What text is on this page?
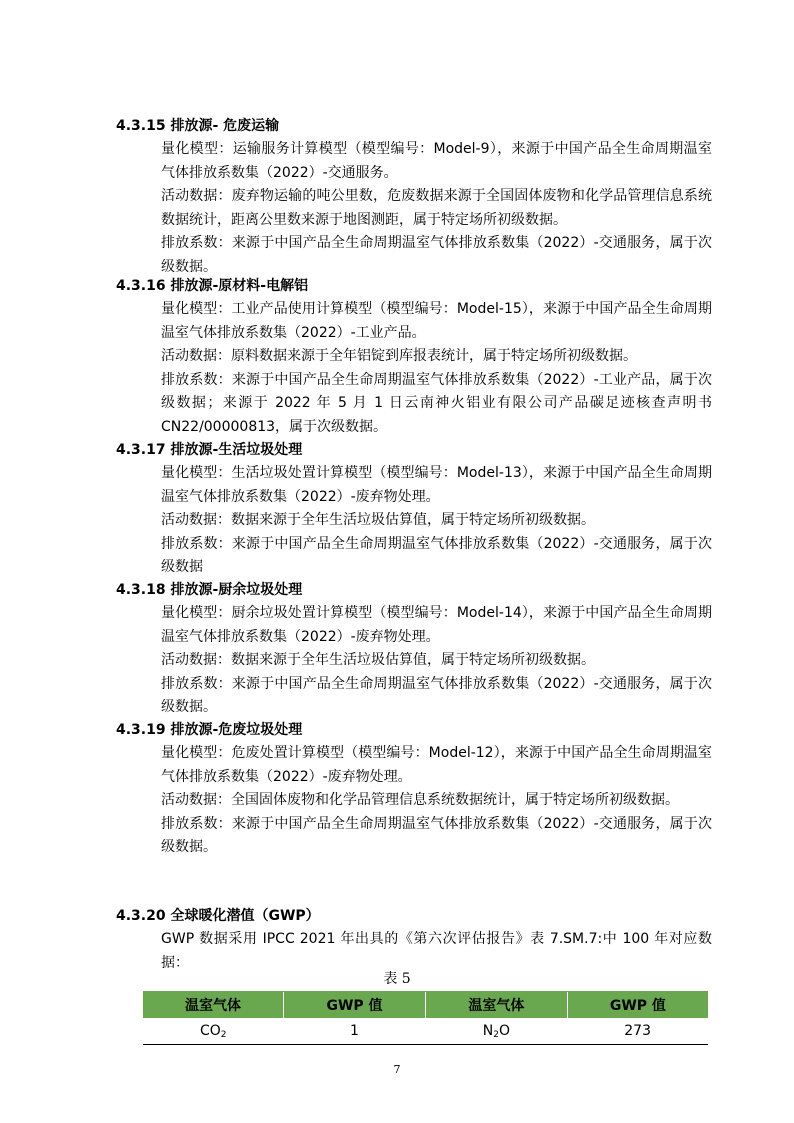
4.3.15 排放源- 危废运输
量化模型：运输服务计算模型（模型编号：Model-9），来源于中国产品全生命周期温室气体排放系数集（2022）-交通服务。
活动数据：废弃物运输的吨公里数，危废数据来源于全国固体废物和化学品管理信息系统数据统计，距离公里数来源于地图测距，属于特定场所初级数据。
排放系数：来源于中国产品全生命周期温室气体排放系数集（2022）-交通服务，属于次级数据。
4.3.16 排放源-原材料-电解铝
量化模型：工业产品使用计算模型（模型编号：Model-15），来源于中国产品全生命周期温室气体排放系数集（2022）-工业产品。
活动数据：原料数据来源于全年铝锭到库报表统计，属于特定场所初级数据。
排放系数：来源于中国产品全生命周期温室气体排放系数集（2022）-工业产品，属于次级数据；来源于 2022 年 5 月 1 日云南神火铝业有限公司产品碳足迹核查声明书 CN22/00000813，属于次级数据。
4.3.17 排放源-生活垃圾处理
量化模型：生活垃圾处置计算模型（模型编号：Model-13），来源于中国产品全生命周期温室气体排放系数集（2022）-废弃物处理。
活动数据：数据来源于全年生活垃圾估算值，属于特定场所初级数据。
排放系数：来源于中国产品全生命周期温室气体排放系数集（2022）-交通服务，属于次级数据
4.3.18 排放源-厨余垃圾处理
量化模型：厨余垃圾处置计算模型（模型编号：Model-14），来源于中国产品全生命周期温室气体排放系数集（2022）-废弃物处理。
活动数据：数据来源于全年生活垃圾估算值，属于特定场所初级数据。
排放系数：来源于中国产品全生命周期温室气体排放系数集（2022）-交通服务，属于次级数据。
4.3.19 排放源-危废垃圾处理
量化模型：危废处置计算模型（模型编号：Model-12），来源于中国产品全生命周期温室气体排放系数集（2022）-废弃物处理。
活动数据：全国固体废物和化学品管理信息系统数据统计，属于特定场所初级数据。
排放系数：来源于中国产品全生命周期温室气体排放系数集（2022）-交通服务，属于次级数据。
4.3.20 全球暖化潜值（GWP）
GWP 数据采用 IPCC 2021 年出具的《第六次评估报告》表 7.SM.7:中 100 年对应数据：
表 5
温室气体	GWP 值	温室气体	GWP 值
$CO_2$	1	$N_2O$	273
7
